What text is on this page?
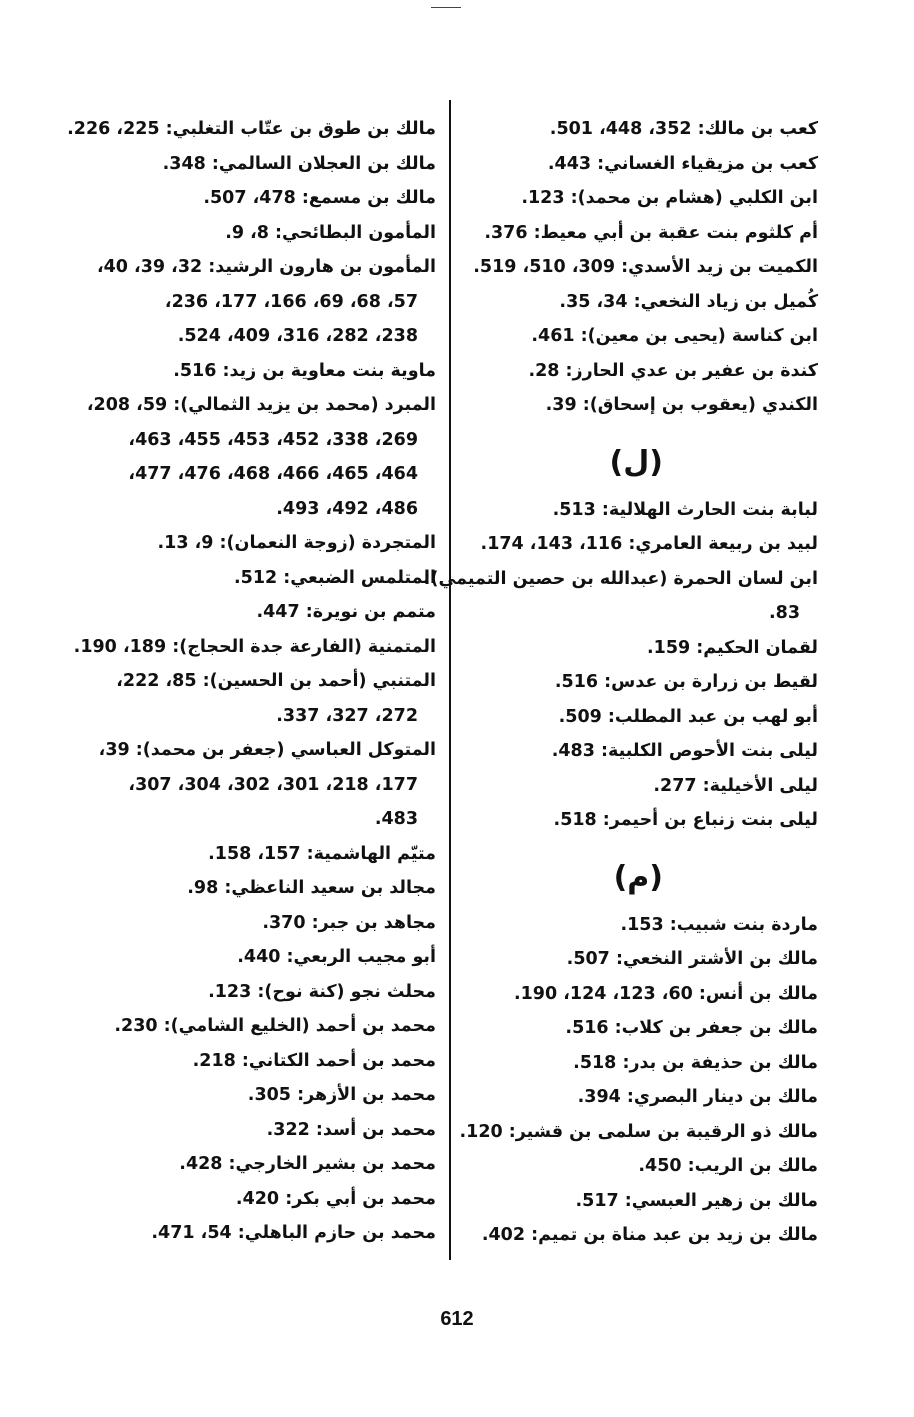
كعب بن مالك: 352، 448، 501.
كعب بن مزيقياء الغساني: 443.
ابن الكلبي (هشام بن محمد): 123.
أم كلثوم بنت عقبة بن أبي معيط: 376.
الكميت بن زيد الأسدي: 309، 510، 519.
كُميل بن زياد النخعي: 34، 35.
ابن كناسة (يحيى بن معين): 461.
كندة بن عفير بن عدي الحارز: 28.
الكندي (يعقوب بن إسحاق): 39.
(ل)
لبابة بنت الحارث الهلالية: 513.
لبيد بن ربيعة العامري: 116، 143، 174.
ابن لسان الحمرة (عبدالله بن حصين التميمي):
83.
لقمان الحكيم: 159.
لقيط بن زرارة بن عدس: 516.
أبو لهب بن عبد المطلب: 509.
ليلى بنت الأحوص الكلبية: 483.
ليلى الأخيلية: 277.
ليلى بنت زنباع بن أحيمر: 518.
(م)
ماردة بنت شبيب: 153.
مالك بن الأشتر النخعي: 507.
مالك بن أنس: 60، 123، 124، 190.
مالك بن جعفر بن كلاب: 516.
مالك بن حذيفة بن بدر: 518.
مالك بن دينار البصري: 394.
مالك ذو الرقيبة بن سلمى بن قشير: 120.
مالك بن الريب: 450.
مالك بن زهير العبسي: 517.
مالك بن زيد بن عبد مناة بن تميم: 402.
مالك بن طوق بن عتّاب التغلبي: 225، 226.
مالك بن العجلان السالمي: 348.
مالك بن مسمع: 478، 507.
المأمون البطائحي: 8، 9.
المأمون بن هارون الرشيد: 32، 39، 40،
57، 68، 69، 166، 177، 236،
238، 282، 316، 409، 524.
ماوية بنت معاوية بن زيد: 516.
المبرد (محمد بن يزيد الثمالي): 59، 208،
269، 338، 452، 453، 455، 463،
464، 465، 466، 468، 476، 477،
486، 492، 493.
المتجردة (زوجة النعمان): 9، 13.
المتلمس الضبعي: 512.
متمم بن نويرة: 447.
المتمنية (الفارعة جدة الحجاج): 189، 190.
المتنبي (أحمد بن الحسين): 85، 222،
272، 327، 337.
المتوكل العباسي (جعفر بن محمد): 39،
177، 218، 301، 302، 304، 307،
483.
متيّم الهاشمية: 157، 158.
مجالد بن سعيد الناعظي: 98.
مجاهد بن جبر: 370.
أبو مجيب الربعي: 440.
محلث نجو (كنة نوح): 123.
محمد بن أحمد (الخليع الشامي): 230.
محمد بن أحمد الكتاني: 218.
محمد بن الأزهر: 305.
محمد بن أسد: 322.
محمد بن بشير الخارجي: 428.
محمد بن أبي بكر: 420.
محمد بن حازم الباهلي: 54، 471.
612
